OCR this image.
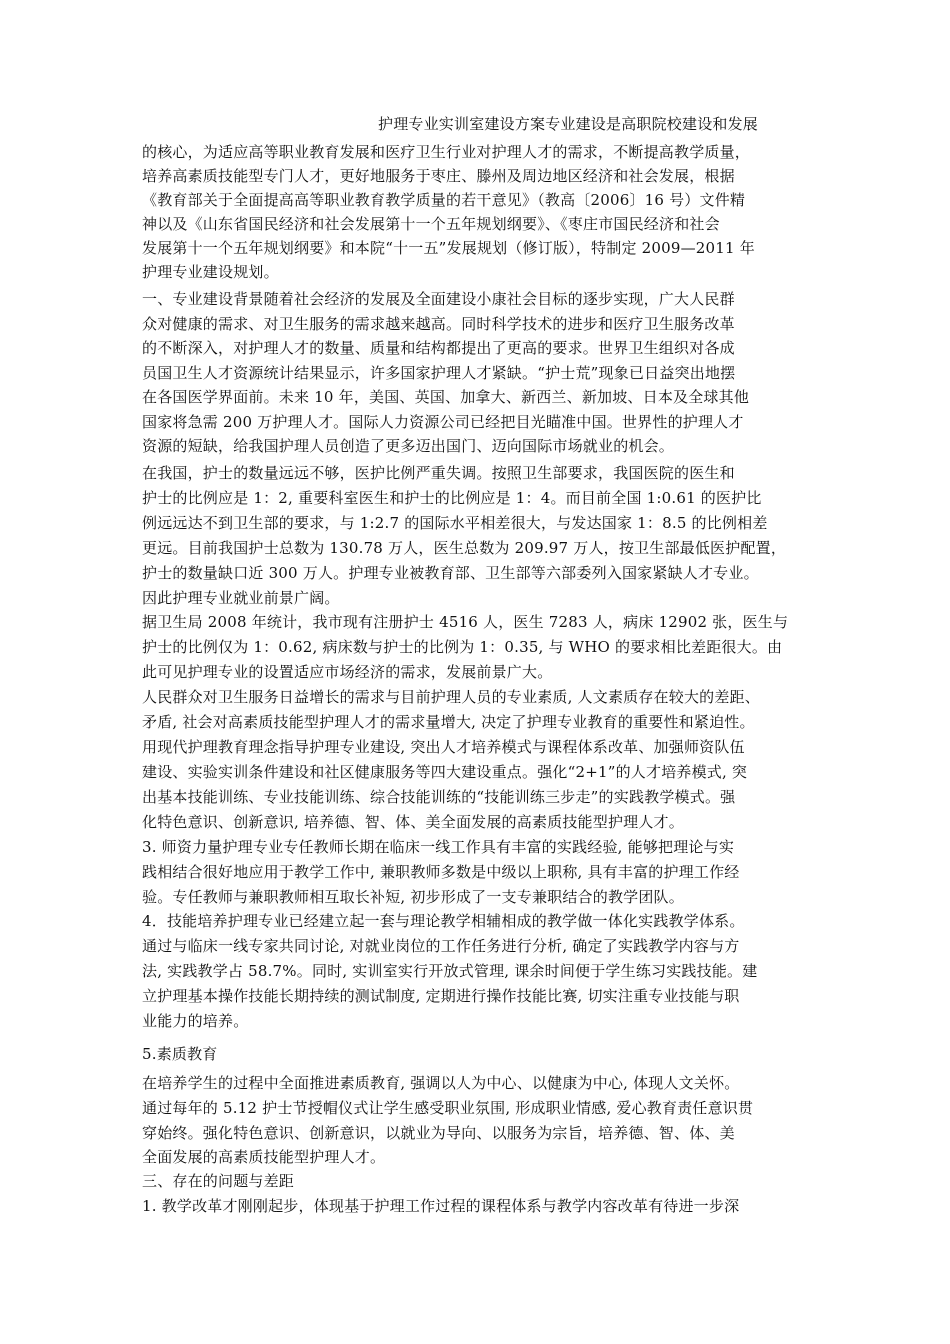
护理专业实训室建设方案专业建设是高职院校建设和发展
的核心，为适应高等职业教育发展和医疗卫生行业对护理人才的需求，不断提高教学质量，
培养高素质技能型专门人才，更好地服务于枣庄、滕州及周边地区经济和社会发展，根据
《教育部关于全面提高高等职业教育教学质量的若干意见》（教高〔2006〕16 号）文件精
神以及《山东省国民经济和社会发展第十一个五年规划纲要》、《枣庄市国民经济和社会
发展第十一个五年规划纲要》和本院“十一五”发展规划（修订版），特制定 2009—2011 年
护理专业建设规划。
一、专业建设背景随着社会经济的发展及全面建设小康社会目标的逐步实现，广大人民群
众对健康的需求、对卫生服务的需求越来越高。同时科学技术的进步和医疗卫生服务改革
的不断深入，对护理人才的数量、质量和结构都提出了更高的要求。世界卫生组织对各成
员国卫生人才资源统计结果显示，许多国家护理人才紧缺。“护士荒”现象已日益突出地摆
在各国医学界面前。未来 10 年，美国、英国、加拿大、新西兰、新加坡、日本及全球其他
国家将急需 200 万护理人才。国际人力资源公司已经把目光瞄准中国。世界性的护理人才
资源的短缺，给我国护理人员创造了更多迈出国门、迈向国际市场就业的机会。
在我国，护士的数量远远不够，医护比例严重失调。按照卫生部要求，我国医院的医生和
护士的比例应是 1：2, 重要科室医生和护士的比例应是 1：4。而目前全国 1:0.61 的医护比
例远远达不到卫生部的要求，与 1:2.7 的国际水平相差很大，与发达国家 1：8.5 的比例相差
更远。目前我国护士总数为 130.78 万人，医生总数为 209.97 万人，按卫生部最低医护配置，
护士的数量缺口近 300 万人。护理专业被教育部、卫生部等六部委列入国家紧缺人才专业。
因此护理专业就业前景广阔。
据卫生局 2008 年统计，我市现有注册护士 4516 人，医生 7283 人，病床 12902 张，医生与
护士的比例仅为 1：0.62, 病床数与护士的比例为 1：0.35, 与 WHO 的要求相比差距很大。由
此可见护理专业的设置适应市场经济的需求，发展前景广大。
人民群众对卫生服务日益增长的需求与目前护理人员的专业素质, 人文素质存在较大的差距、
矛盾, 社会对高素质技能型护理人才的需求量增大, 决定了护理专业教育的重要性和紧迫性。
用现代护理教育理念指导护理专业建设, 突出人才培养模式与课程体系改革、加强师资队伍
建设、实验实训条件建设和社区健康服务等四大建设重点。强化“2+1”的人才培养模式, 突
出基本技能训练、专业技能训练、综合技能训练的“技能训练三步走”的实践教学模式。强
化特色意识、创新意识, 培养德、智、体、美全面发展的高素质技能型护理人才。
3. 师资力量护理专业专任教师长期在临床一线工作具有丰富的实践经验, 能够把理论与实
践相结合很好地应用于教学工作中, 兼职教师多数是中级以上职称, 具有丰富的护理工作经
验。专任教师与兼职教师相互取长补短, 初步形成了一支专兼职结合的教学团队。
4．技能培养护理专业已经建立起一套与理论教学相辅相成的教学做一体化实践教学体系。
通过与临床一线专家共同讨论, 对就业岗位的工作任务进行分析, 确定了实践教学内容与方
法, 实践教学占 58.7%。同时, 实训室实行开放式管理, 课余时间便于学生练习实践技能。建
立护理基本操作技能长期持续的测试制度, 定期进行操作技能比赛, 切实注重专业技能与职
业能力的培养。
5.素质教育
在培养学生的过程中全面推进素质教育, 强调以人为中心、以健康为中心, 体现人文关怀。
通过每年的 5.12 护士节授帽仪式让学生感受职业氛围, 形成职业情感, 爱心教育责任意识贯
穿始终。强化特色意识、创新意识，以就业为导向、以服务为宗旨，培养德、智、体、美
全面发展的高素质技能型护理人才。
三、存在的问题与差距
1. 教学改革才刚刚起步，体现基于护理工作过程的课程体系与教学内容改革有待进一步深
